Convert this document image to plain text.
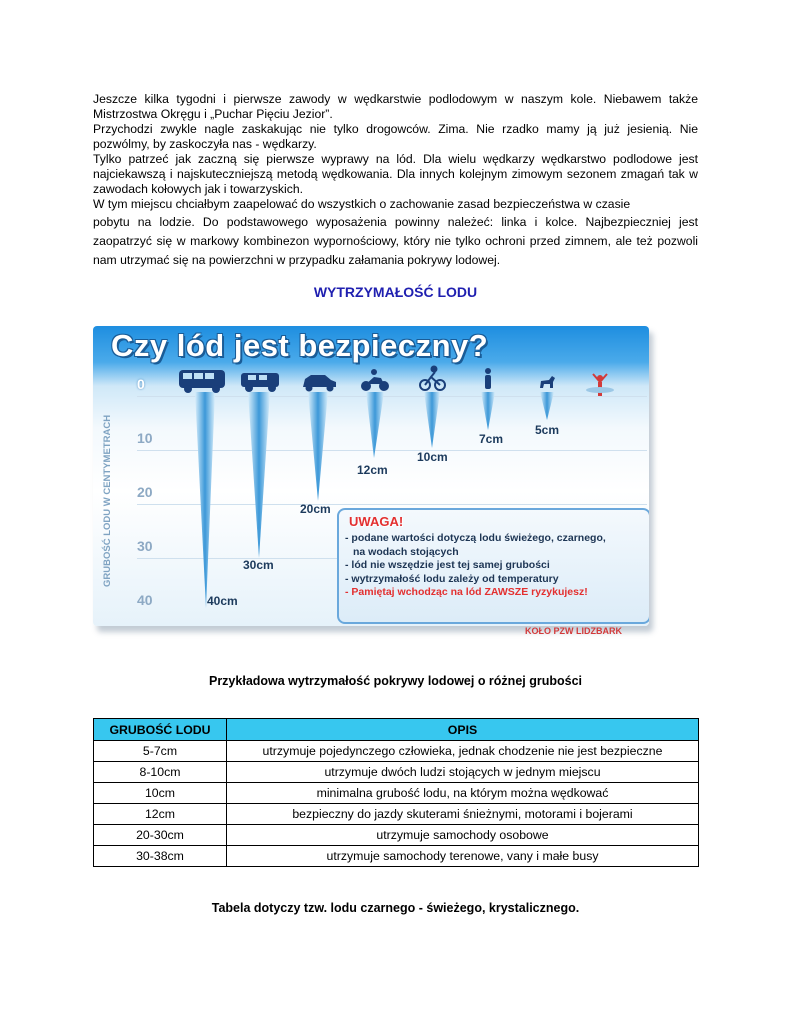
Jeszcze kilka tygodni i pierwsze zawody w wędkarstwie podlodowym w naszym kole. Niebawem także Mistrzostwa Okręgu i „Puchar Pięciu Jezior”.

Przychodzi zwykle nagle zaskakując nie tylko drogowców. Zima. Nie rzadko mamy ją już jesienią. Nie pozwólmy, by zaskoczyła nas - wędkarzy.

Tylko patrzeć jak zaczną się pierwsze wyprawy na lód. Dla wielu wędkarzy wędkarstwo podlodowe jest najciekawszą i najskuteczniejszą metodą wędkowania. Dla innych kolejnym zimowym sezonem zmagań tak w zawodach kołowych jak i towarzyskich.

W tym miejscu chciałbym zaapelować do wszystkich o zachowanie zasad bezpieczeństwa w czasie

pobytu na lodzie. Do podstawowego wyposażenia powinny należeć: linka i kolce. Najbezpieczniej jest zaopatrzyć się w markowy kombinezon wypornościowy, który nie tylko ochroni przed zimnem, ale też pozwoli nam utrzymać się na powierzchni w przypadku załamania pokrywy lodowej.

WYTRZYMAŁOŚĆ LODU
Czy lód jest bezpieczny?
GRUBOŚĆ LODU W CENTYMETRACH
0
10
20
30
40	40cm
30cm
20cm
12cm
10cm
7cm
5cm
UWAGA!
- podane wartości dotyczą lodu świeżego, czarnego,
na wodach stojących
- lód nie wszędzie jest tej samej grubości
- wytrzymałość lodu zależy od temperatury
- Pamiętaj wchodząc na lód ZAWSZE ryzykujesz!
KOŁO PZW LIDZBARK
Przykładowa wytrzymałość pokrywy lodowej o różnej grubości
GRUBOŚĆ LODU	OPIS
5-7cm	utrzymuje pojedynczego człowieka, jednak chodzenie nie jest bezpieczne
8-10cm	utrzymuje dwóch ludzi stojących w jednym miejscu
10cm	minimalna grubość lodu, na którym można wędkować
12cm	bezpieczny do jazdy skuterami śnieżnymi, motorami i bojerami
20-30cm	utrzymuje samochody osobowe
30-38cm	utrzymuje samochody terenowe, vany i małe busy
Tabela dotyczy tzw. lodu czarnego - świeżego, krystalicznego.
